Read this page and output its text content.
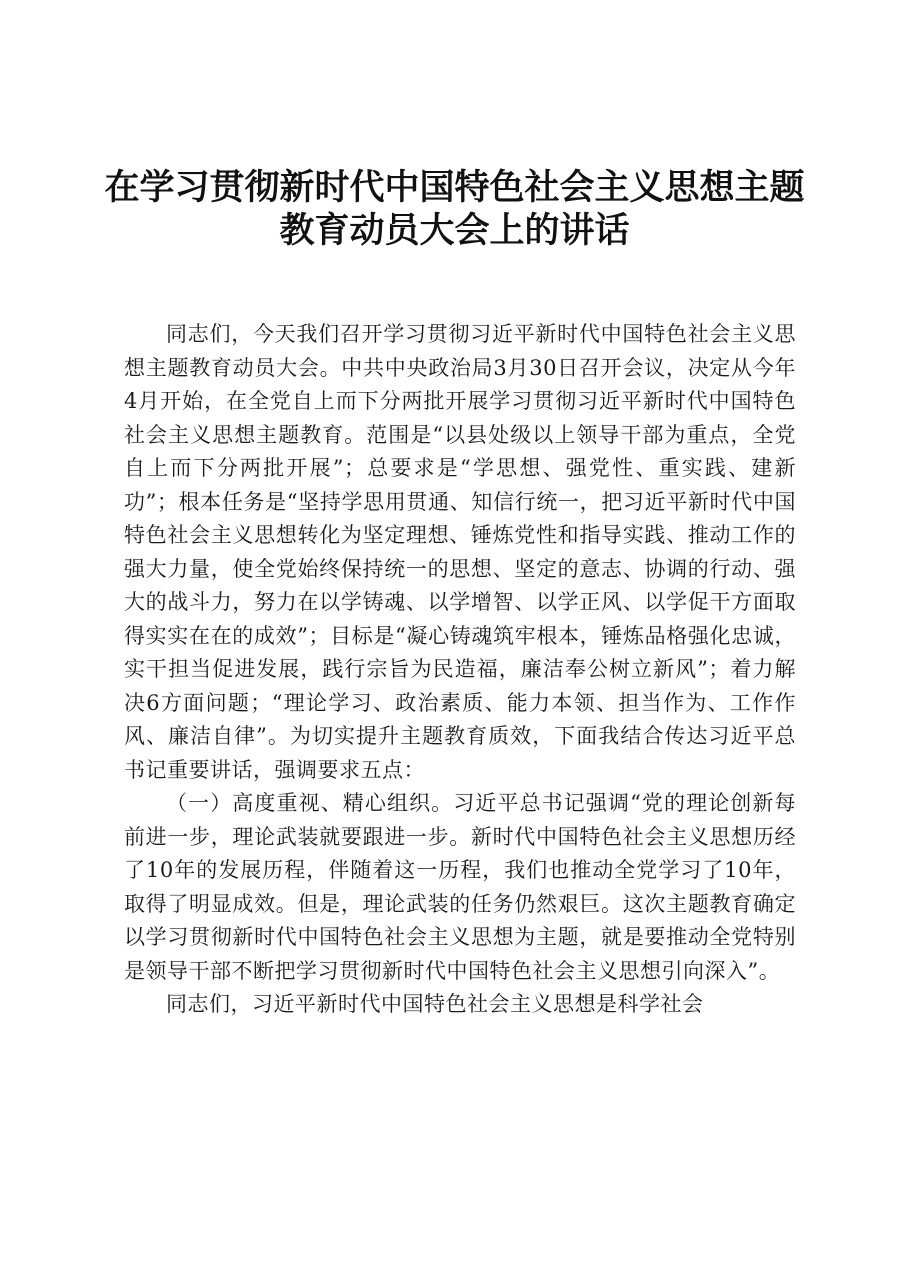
在学习贯彻新时代中国特色社会主义思想主题
教育动员大会上的讲话

同志们，今天我们召开学习贯彻习近平新时代中国特色社会主义思想主题教育动员大会。中共中央政治局3月30日召开会议，决定从今年4月开始，在全党自上而下分两批开展学习贯彻习近平新时代中国特色社会主义思想主题教育。范围是“以县处级以上领导干部为重点，全党自上而下分两批开展”；总要求是“学思想、强党性、重实践、建新功”；根本任务是“坚持学思用贯通、知信行统一，把习近平新时代中国特色社会主义思想转化为坚定理想、锤炼党性和指导实践、推动工作的强大力量，使全党始终保持统一的思想、坚定的意志、协调的行动、强大的战斗力，努力在以学铸魂、以学增智、以学正风、以学促干方面取得实实在在的成效”；目标是“凝心铸魂筑牢根本，锤炼品格强化忠诚，实干担当促进发展，践行宗旨为民造福，廉洁奉公树立新风”；着力解决6方面问题；“理论学习、政治素质、能力本领、担当作为、工作作风、廉洁自律”。为切实提升主题教育质效，下面我结合传达习近平总书记重要讲话，强调要求五点：

（一）高度重视、精心组织。习近平总书记强调“党的理论创新每前进一步，理论武装就要跟进一步。新时代中国特色社会主义思想历经了10年的发展历程，伴随着这一历程，我们也推动全党学习了10年，取得了明显成效。但是，理论武装的任务仍然艰巨。这次主题教育确定以学习贯彻新时代中国特色社会主义思想为主题，就是要推动全党特别是领导干部不断把学习贯彻新时代中国特色社会主义思想引向深入”。

同志们，习近平新时代中国特色社会主义思想是科学社会
